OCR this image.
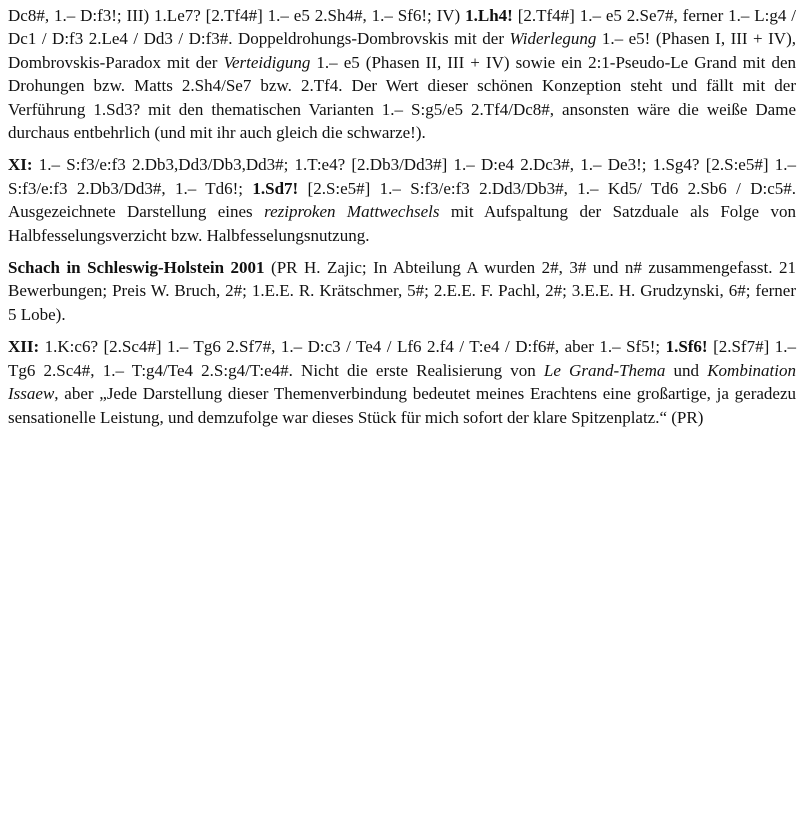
Dc8#, 1.– D:f3!; III) 1.Le7? [2.Tf4#] 1.– e5 2.Sh4#, 1.– Sf6!; IV) 1.Lh4! [2.Tf4#] 1.– e5 2.Se7#, ferner 1.– L:g4 / Dc1 / D:f3 2.Le4 / Dd3 / D:f3#. Doppeldrohungs-Dombrovskis mit der Widerlegung 1.– e5! (Phasen I, III + IV), Dombrovskis-Paradox mit der Verteidigung 1.– e5 (Phasen II, III + IV) sowie ein 2:1-Pseudo-Le Grand mit den Drohungen bzw. Matts 2.Sh4/Se7 bzw. 2.Tf4. Der Wert dieser schönen Konzeption steht und fällt mit der Verführung 1.Sd3? mit den thematischen Varianten 1.– S:g5/e5 2.Tf4/Dc8#, ansonsten wäre die weiße Dame durchaus entbehrlich (und mit ihr auch gleich die schwarze!).

XI: 1.– S:f3/e:f3 2.Db3,Dd3/Db3,Dd3#; 1.T:e4? [2.Db3/Dd3#] 1.– D:e4 2.Dc3#, 1.– De3!; 1.Sg4? [2.S:e5#] 1.– S:f3/e:f3 2.Db3/Dd3#, 1.– Td6!; 1.Sd7! [2.S:e5#] 1.– S:f3/e:f3 2.Dd3/Db3#, 1.– Kd5/ Td6 2.Sb6 / D:c5#. Ausgezeichnete Darstellung eines reziproken Mattwechsels mit Aufspaltung der Satzduale als Folge von Halbfesselungsverzicht bzw. Halbfesselungsnutzung.

Schach in Schleswig-Holstein 2001 (PR H. Zajic; In Abteilung A wurden 2#, 3# und n# zusammengefasst. 21 Bewerbungen; Preis W. Bruch, 2#; 1.E.E. R. Krätschmer, 5#; 2.E.E. F. Pachl, 2#; 3.E.E. H. Grudzynski, 6#; ferner 5 Lobe).

XII: 1.K:c6? [2.Sc4#] 1.– Tg6 2.Sf7#, 1.– D:c3 / Te4 / Lf6 2.f4 / T:e4 / D:f6#, aber 1.– Sf5!; 1.Sf6! [2.Sf7#] 1.– Tg6 2.Sc4#, 1.– T:g4/Te4 2.S:g4/T:e4#. Nicht die erste Realisierung von Le Grand-Thema und Kombination Issaew, aber „Jede Darstellung dieser Themenverbindung bedeutet meines Erachtens eine großartige, ja geradezu sensationelle Leistung, und demzufolge war dieses Stück für mich sofort der klare Spitzenplatz.“ (PR)
